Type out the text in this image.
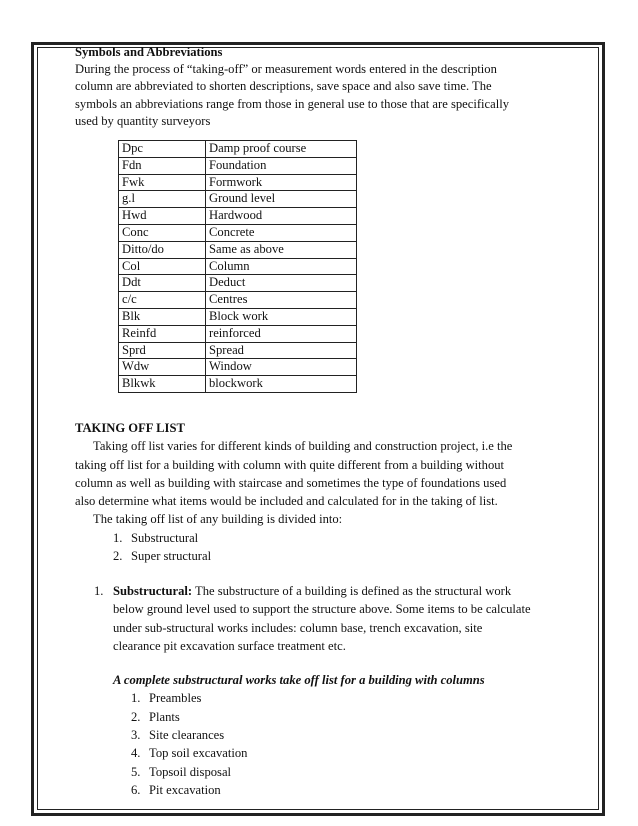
Symbols and Abbreviations

During the process of “taking-off” or measurement words entered in the description

column are abbreviated to shorten descriptions, save space and also save time. The

symbols an abbreviations range from those in general use to those that are specifically

used by quantity surveyors

Dpc	Damp proof course
Fdn	Foundation
Fwk	Formwork
g.l	Ground level
Hwd	Hardwood
Conc	Concrete
Ditto/do	Same as above
Col	Column
Ddt	Deduct
c/c	Centres
Blk	Block work
Reinfd	reinforced
Sprd	Spread
Wdw	Window
Blkwk	blockwork

TAKING OFF LIST

Taking off list varies for different kinds of building and construction project, i.e the

taking off list for a building with column with quite different from a building without

column as well as building with staircase and sometimes the type of foundations used

also determine what items would be included and calculated for in the taking of list.

The taking off list of any building is divided into:

1. Substructural
2. Super structural

1. Substructural: The substructure of a building is defined as the structural work

below ground level used to support the structure above. Some items to be calculate

under sub-structural works includes: column base, trench excavation, site

clearance pit excavation surface treatment etc.

A complete substructural works take off list for a building with columns

1. Preambles
2. Plants
3. Site clearances
4. Top soil excavation
5. Topsoil disposal
6. Pit excavation
